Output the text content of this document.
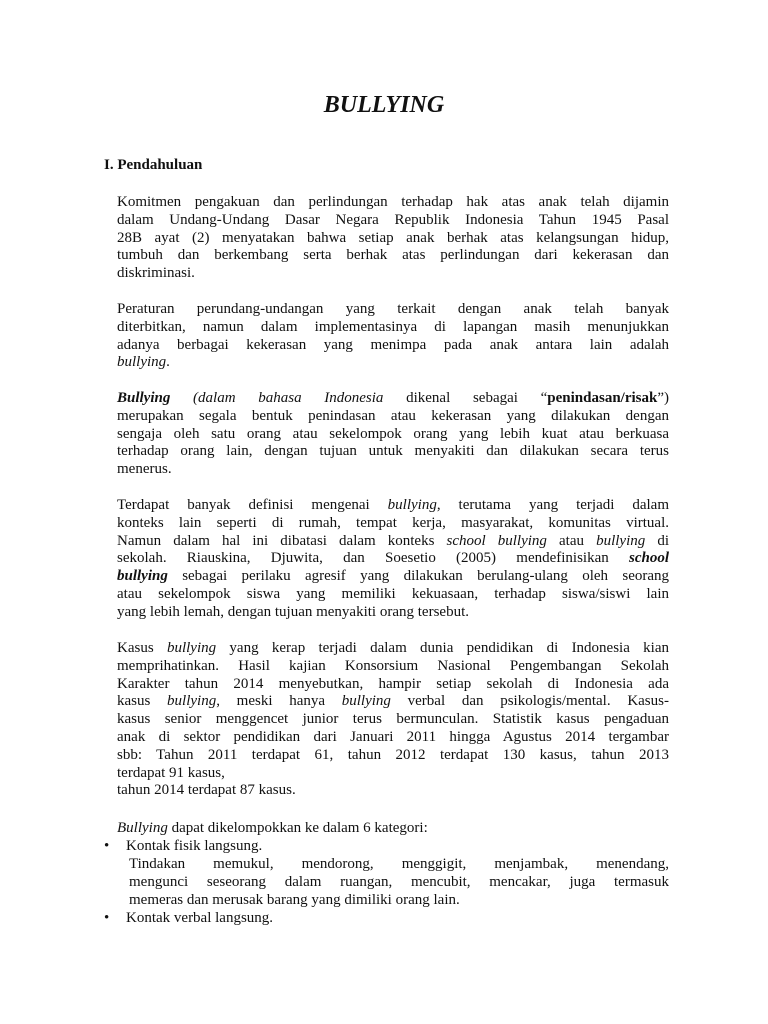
BULLYING

I. Pendahuluan

Komitmen pengakuan dan perlindungan terhadap hak atas anak telah dijamin
dalam Undang-Undang Dasar Negara Republik Indonesia Tahun 1945 Pasal
28B ayat (2) menyatakan bahwa setiap anak berhak atas kelangsungan hidup,
tumbuh dan berkembang serta berhak atas perlindungan dari kekerasan dan
diskriminasi.

Peraturan perundang-undangan yang terkait dengan anak telah banyak
diterbitkan, namun dalam implementasinya di lapangan masih menunjukkan
adanya berbagai kekerasan yang menimpa pada anak antara lain adalah
bullying.

Bullying (dalam bahasa Indonesia dikenal sebagai “penindasan/risak”)
merupakan segala bentuk penindasan atau kekerasan yang dilakukan dengan
sengaja oleh satu orang atau sekelompok orang yang lebih kuat atau berkuasa
terhadap orang lain, dengan tujuan untuk menyakiti dan dilakukan secara terus
menerus.

Terdapat banyak definisi mengenai bullying, terutama yang terjadi dalam
konteks lain seperti di rumah, tempat kerja, masyarakat, komunitas virtual.
Namun dalam hal ini dibatasi dalam konteks school bullying atau bullying di
sekolah. Riauskina, Djuwita, dan Soesetio (2005) mendefinisikan school
bullying sebagai perilaku agresif yang dilakukan berulang-ulang oleh seorang
atau sekelompok siswa yang memiliki kekuasaan, terhadap siswa/siswi lain
yang lebih lemah, dengan tujuan menyakiti orang tersebut.

Kasus bullying yang kerap terjadi dalam dunia pendidikan di Indonesia kian
memprihatinkan. Hasil kajian Konsorsium Nasional Pengembangan Sekolah
Karakter tahun 2014 menyebutkan, hampir setiap sekolah di Indonesia ada
kasus bullying, meski hanya bullying verbal dan psikologis/mental. Kasus-
kasus senior menggencet junior terus bermunculan. Statistik kasus pengaduan
anak di sektor pendidikan dari Januari 2011 hingga Agustus 2014 tergambar
sbb: Tahun 2011 terdapat 61, tahun 2012 terdapat 130 kasus, tahun 2013
terdapat 91 kasus,
tahun 2014 terdapat 87 kasus.

Bullying dapat dikelompokkan ke dalam 6 kategori:

• Kontak fisik langsung.

Tindakan memukul, mendorong, menggigit, menjambak, menendang,
mengunci seseorang dalam ruangan, mencubit, mencakar, juga termasuk
memeras dan merusak barang yang dimiliki orang lain.

• Kontak verbal langsung.
